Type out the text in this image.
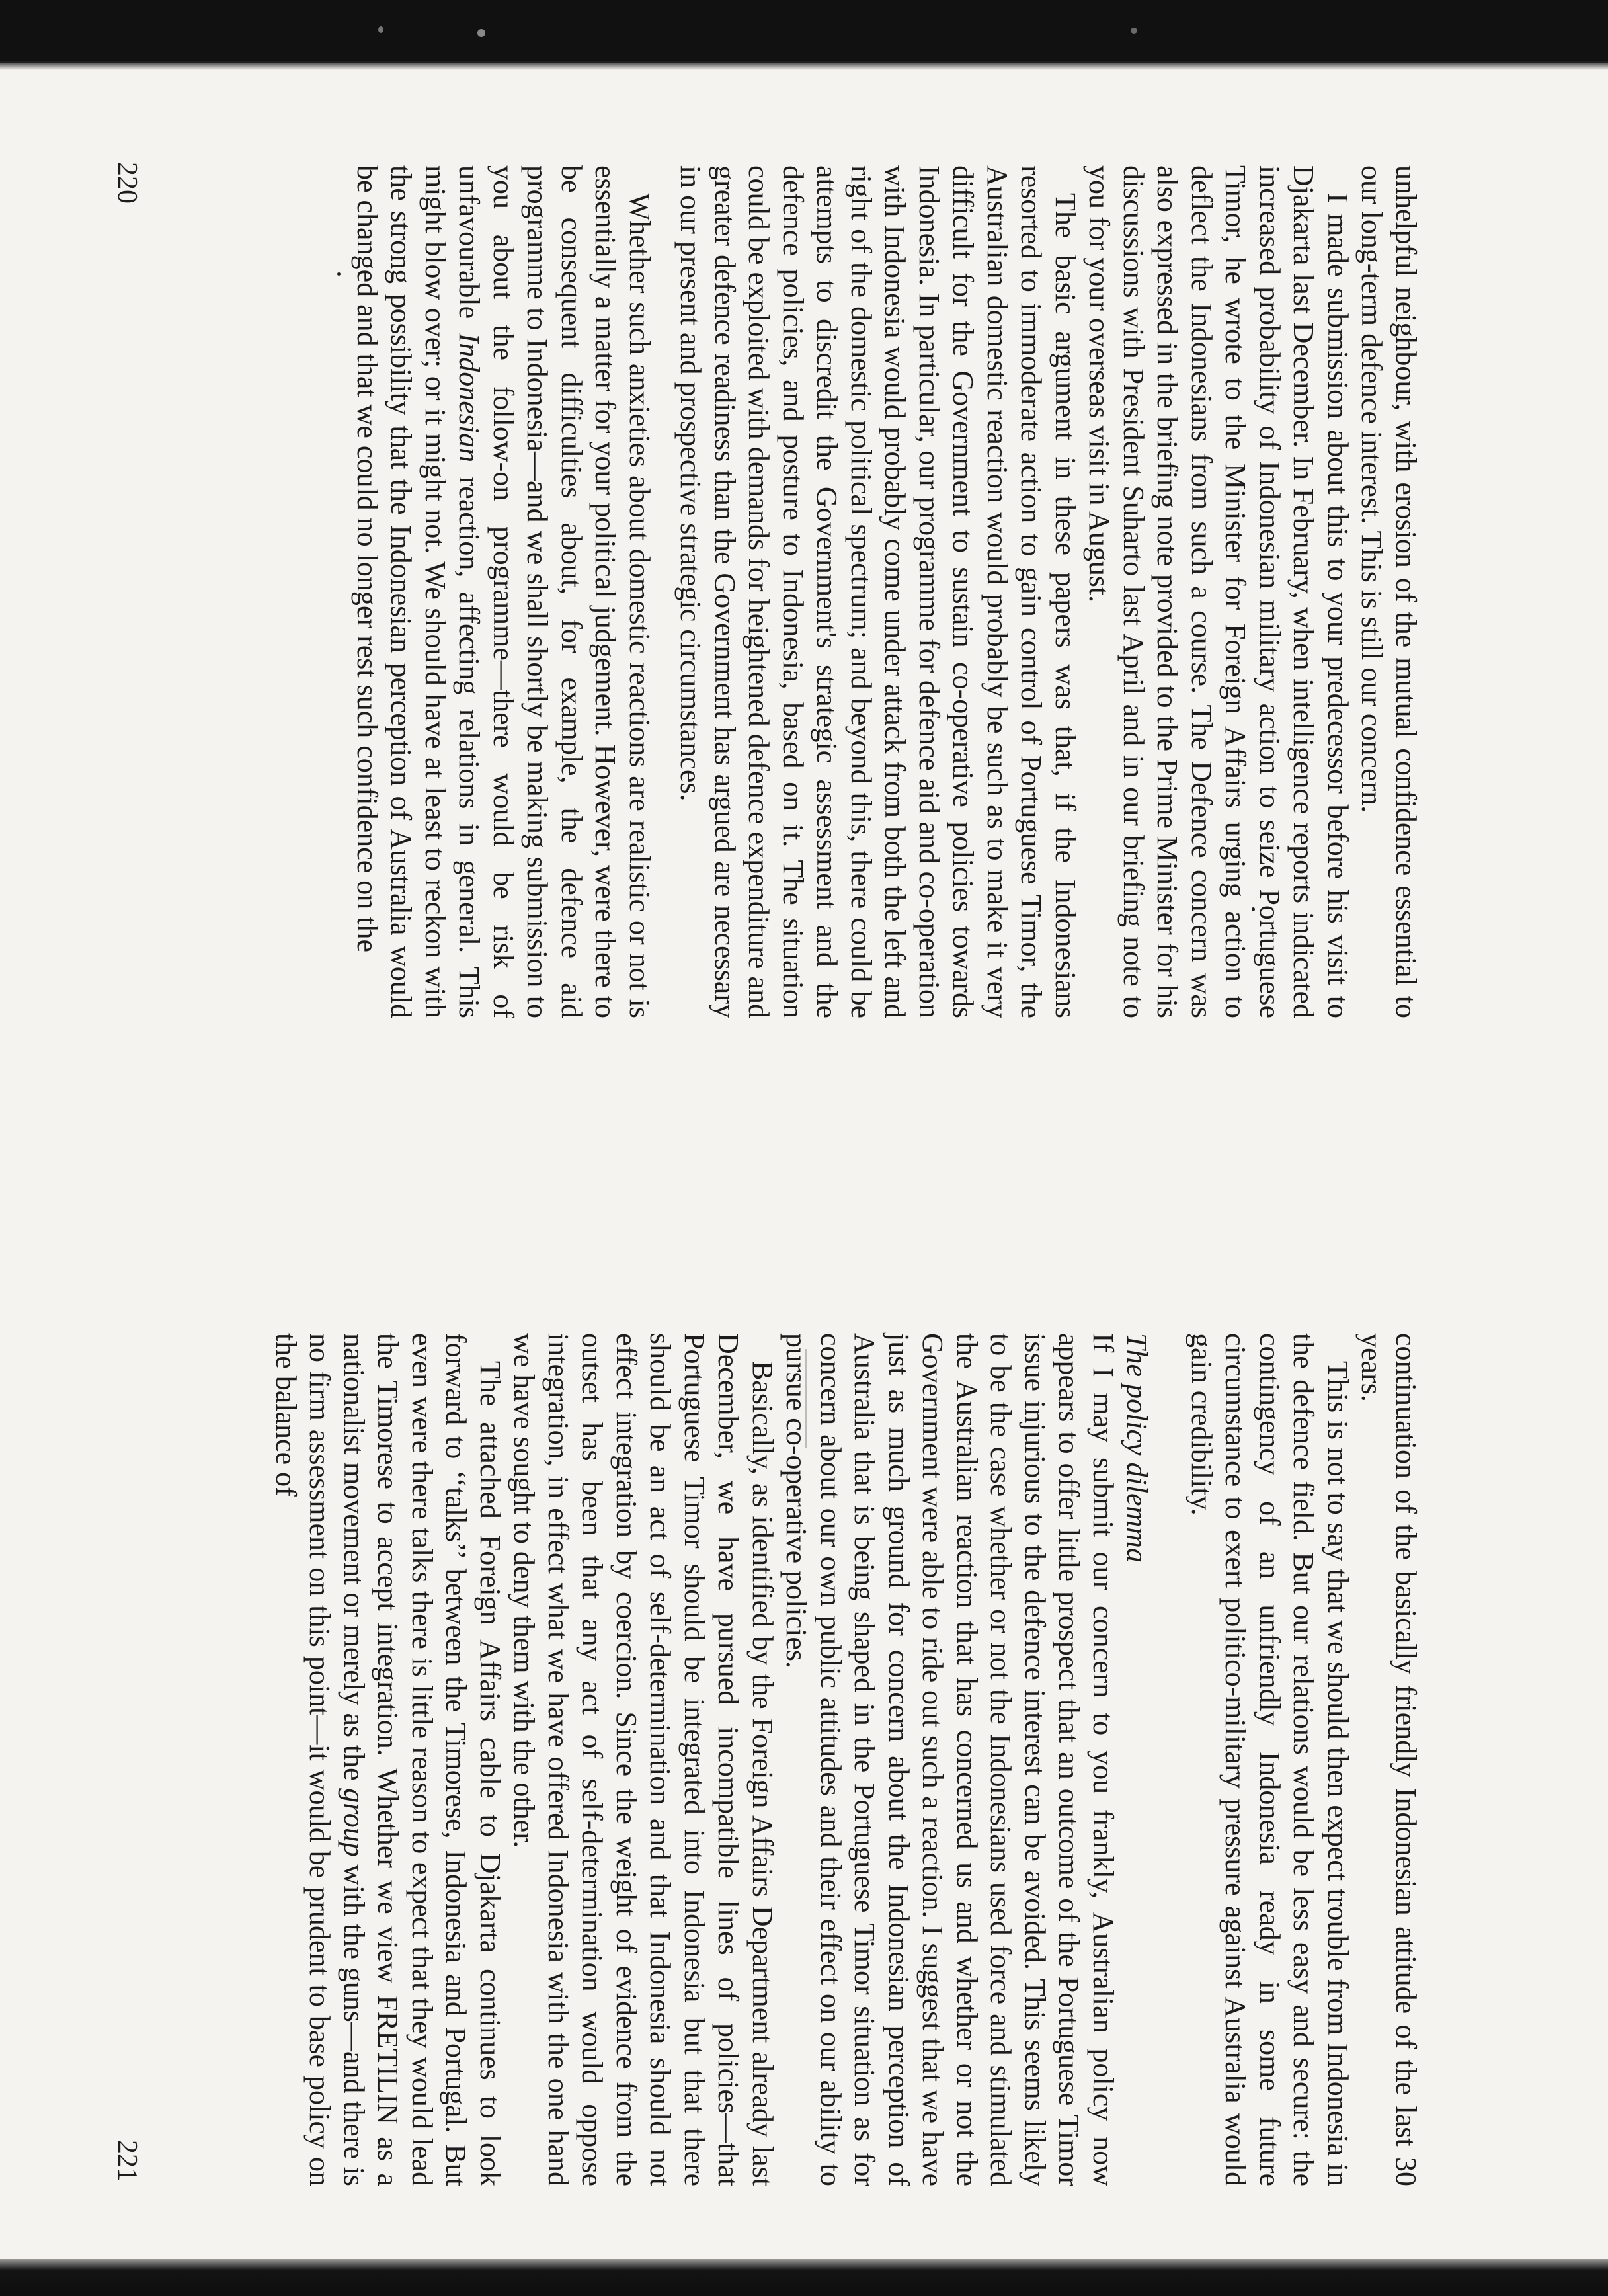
unhelpful neighbour, with erosion of the mutual confidence essential to our long-term defence interest. This is still our concern.

I made submission about this to your predecessor before his visit to Djakarta last December. In February, when intelligence reports indicated increased probability of Indonesian military action to seize Portuguese Timor, he wrote to the Minister for Foreign Affairs urging action to deflect the Indonesians from such a course. The Defence concern was also expressed in the briefing note provided to the Prime Minister for his discussions with President Suharto last April and in our briefing note to you for your overseas visit in August.

The basic argument in these papers was that, if the Indonesians resorted to immoderate action to gain control of Portuguese Timor, the Australian domestic reaction would probably be such as to make it very difficult for the Government to sustain co-operative policies towards Indonesia. In particular, our programme for defence aid and co-operation with Indonesia would probably come under attack from both the left and right of the domestic political spectrum; and beyond this, there could be attempts to discredit the Government's strategic assessment and the defence policies, and posture to Indonesia, based on it. The situation could be exploited with demands for heightened defence expenditure and greater defence readiness than the Government has argued are necessary in our present and prospective strategic circumstances.

Whether such anxieties about domestic reactions are realistic or not is essentially a matter for your political judgement. However, were there to be consequent difficulties about, for example, the defence aid programme to Indonesia—and we shall shortly be making submission to you about the follow-on programme—there would be risk of unfavourable Indonesian reaction, affecting relations in general. This might blow over; or it might not. We should have at least to reckon with the strong possibility that the Indonesian perception of Australia would be changed and that we could no longer rest such confidence on the

220

continuation of the basically friendly Indonesian attitude of the last 30 years.

This is not to say that we should then expect trouble from Indonesia in the defence field. But our relations would be less easy and secure: the contingency of an unfriendly Indonesia ready in some future circumstance to exert politico-military pressure against Australia would gain credibility.

The policy dilemma

If I may submit our concern to you frankly, Australian policy now appears to offer little prospect that an outcome of the Portuguese Timor issue injurious to the defence interest can be avoided. This seems likely to be the case whether or not the Indonesians used force and stimulated the Australian reaction that has concerned us and whether or not the Government were able to ride out such a reaction. I suggest that we have just as much ground for concern about the Indonesian perception of Australia that is being shaped in the Portuguese Timor situation as for concern about our own public attitudes and their effect on our ability to pursue co-operative policies.

Basically, as identified by the Foreign Affairs Department already last December, we have pursued incompatible lines of policies—that Portuguese Timor should be integrated into Indonesia but that there should be an act of self-determination and that Indonesia should not effect integration by coercion. Since the weight of evidence from the outset has been that any act of self-determination would oppose integration, in effect what we have offered Indonesia with the one hand we have sought to deny them with the other.

The attached Foreign Affairs cable to Djakarta continues to look forward to ‘‘talks’’ between the Timorese, Indonesia and Portugal. But even were there talks there is little reason to expect that they would lead the Timorese to accept integration. Whether we view FRETILIN as a nationalist movement or merely as the group with the guns—and there is no firm assessment on this point—it would be prudent to base policy on the balance of

221
